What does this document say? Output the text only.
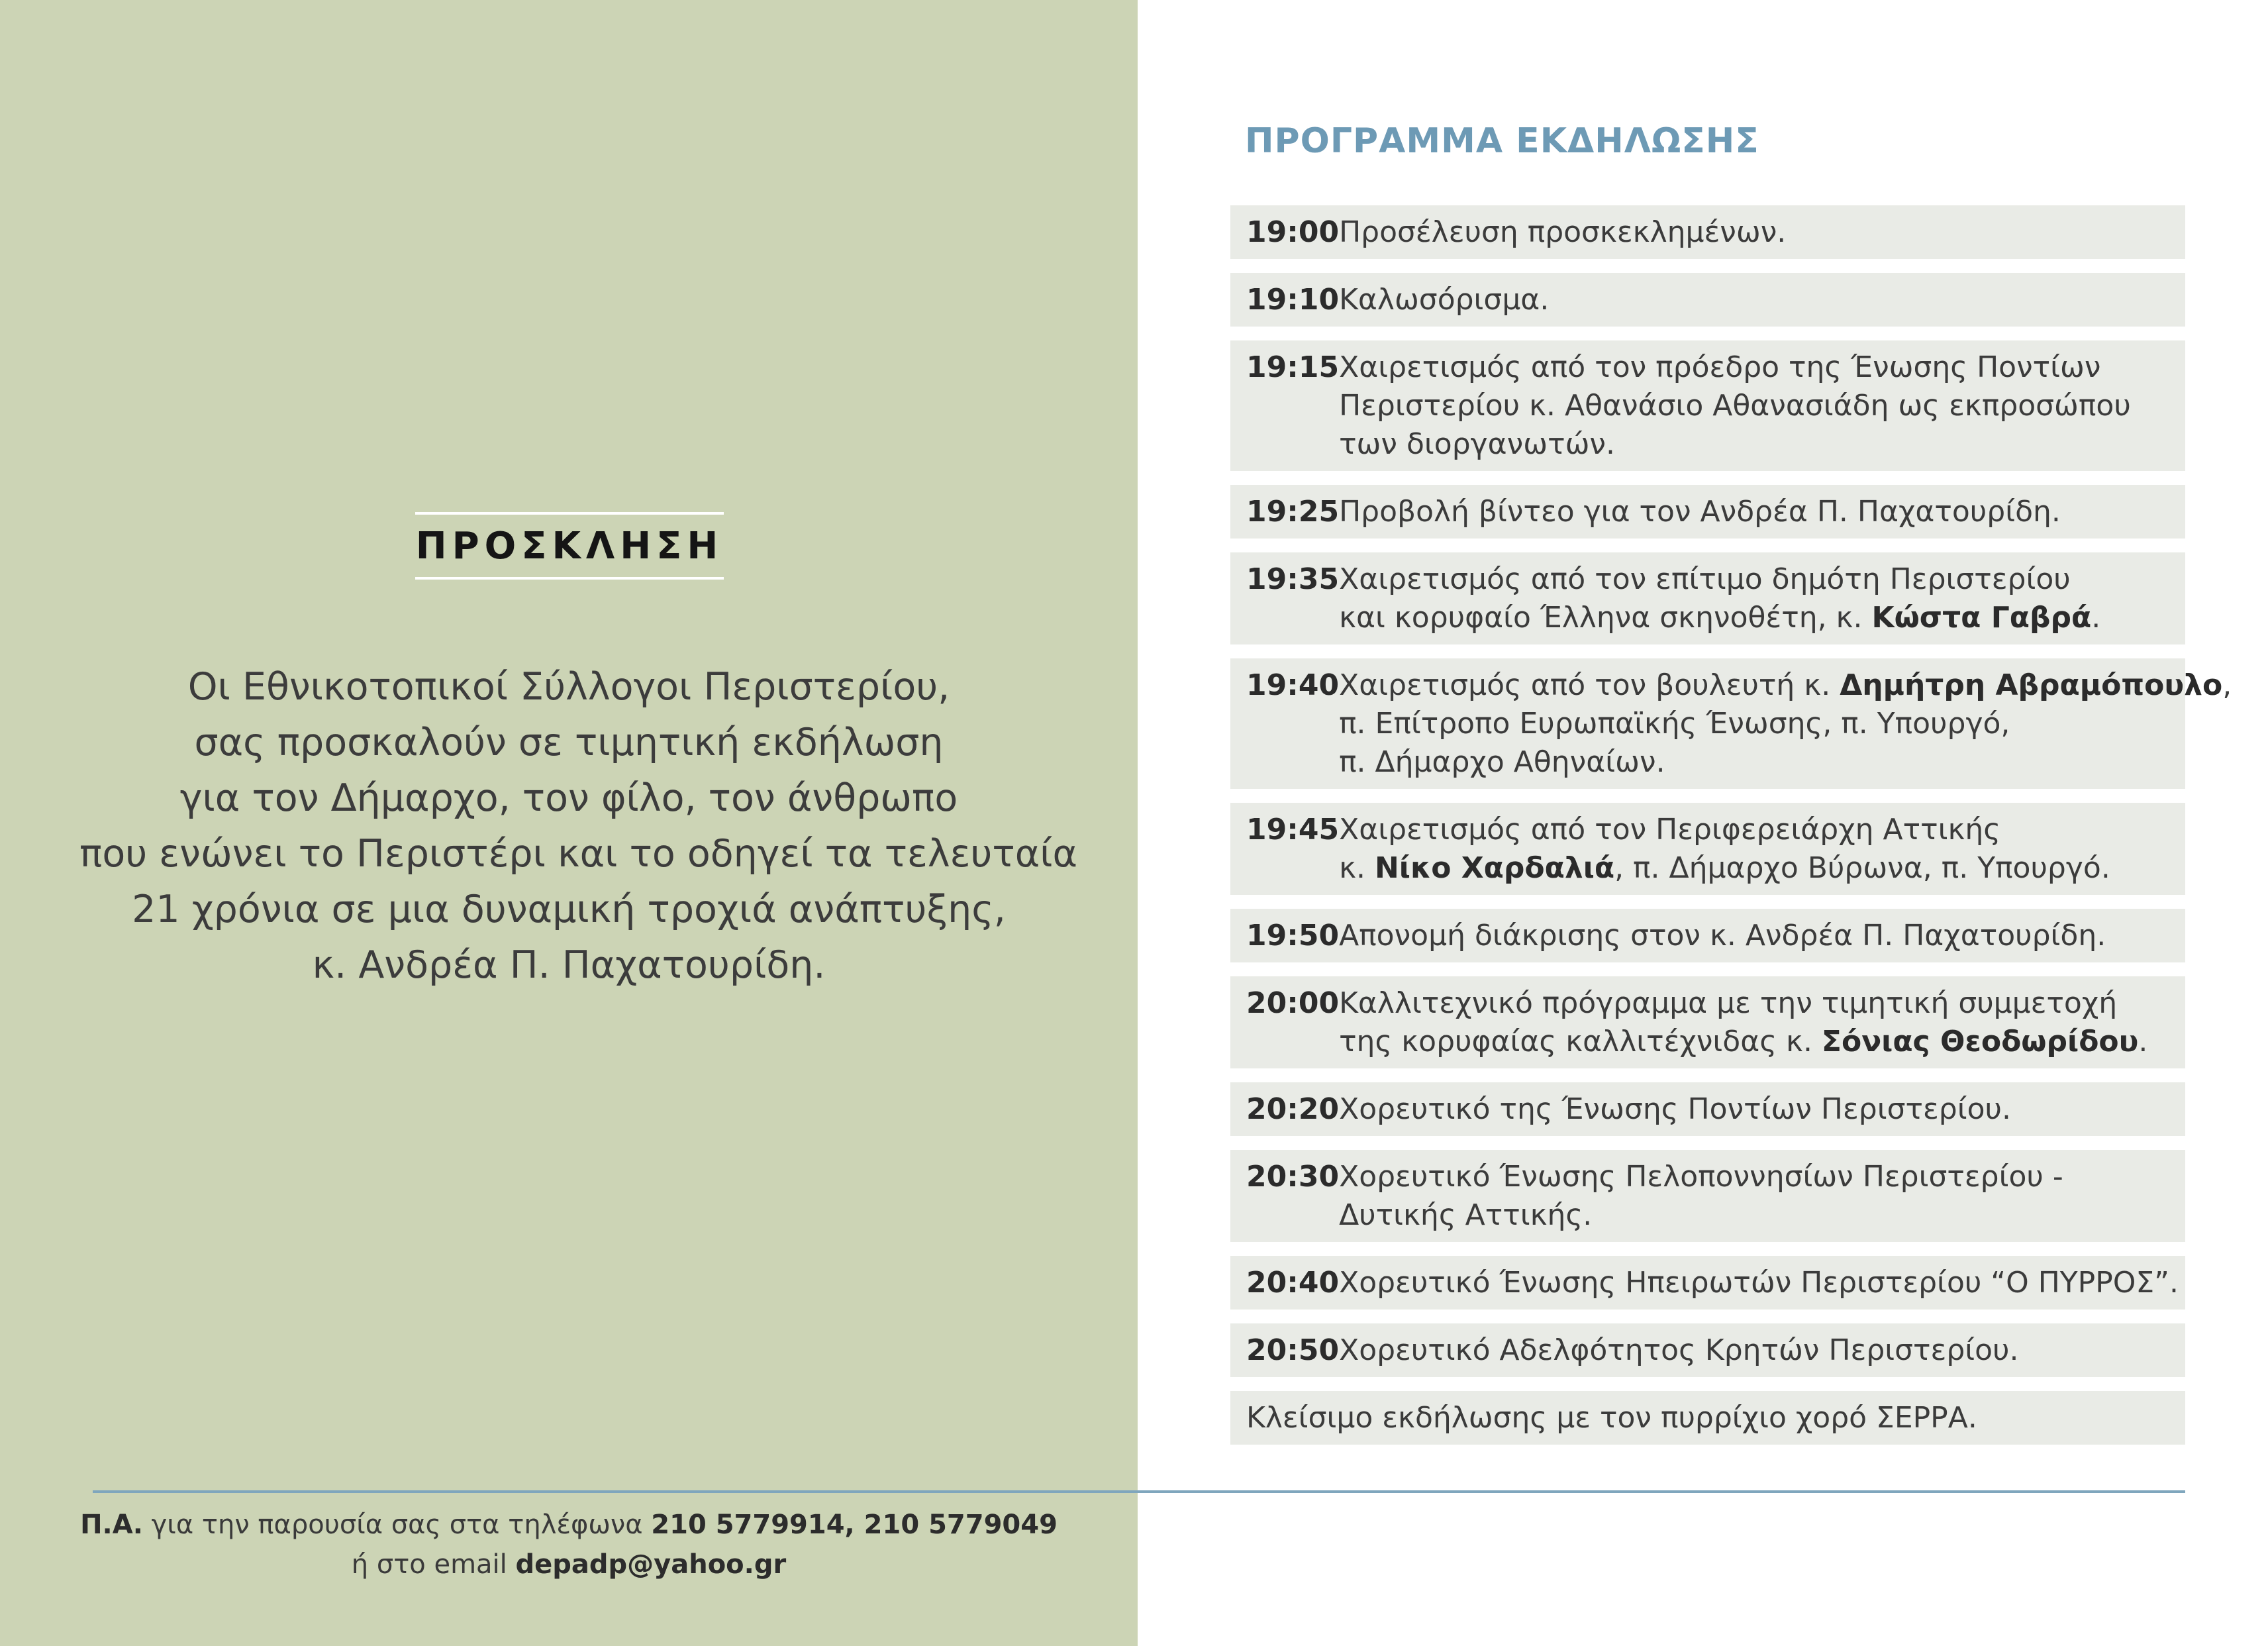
ΠΡΟΣΚΛΗΣΗ
Οι Εθνικοτοπικοί Σύλλογοι Περιστερίου,
σας προσκαλούν σε τιμητική εκδήλωση
για τον Δήμαρχο, τον φίλο, τον άνθρωπο
που ενώνει το Περιστέρι και το οδηγεί τα τελευταία
21 χρόνια σε μια δυναμική τροχιά ανάπτυξης,
κ. Ανδρέα Π. Παχατουρίδη.
Π.Α. για την παρουσία σας στα τηλέφωνα 210 5779914, 210 5779049
ή στο email depadp@yahoo.gr
ΠΡΟΓΡΑΜΜΑ ΕΚΔΗΛΩΣΗΣ
19:00 Προσέλευση προσκεκλημένων.
19:10 Καλωσόρισμα.
19:15 Χαιρετισμός από τον πρόεδρο της Ένωσης Ποντίων
Περιστερίου κ. Αθανάσιο Αθανασιάδη ως εκπροσώπου
των διοργανωτών.
19:25 Προβολή βίντεο για τον Ανδρέα Π. Παχατουρίδη.
19:35 Χαιρετισμός από τον επίτιμο δημότη Περιστερίου
και κορυφαίο Έλληνα σκηνοθέτη, κ. Κώστα Γαβρά.
19:40 Χαιρετισμός από τον βουλευτή κ. Δημήτρη Αβραμόπουλο,
π. Επίτροπο Ευρωπαϊκής Ένωσης, π. Υπουργό,
π. Δήμαρχο Αθηναίων.
19:45 Χαιρετισμός από τον Περιφερειάρχη Αττικής
κ. Νίκο Χαρδαλιά, π. Δήμαρχο Βύρωνα, π. Υπουργό.
19:50 Απονομή διάκρισης στον κ. Ανδρέα Π. Παχατουρίδη.
20:00 Καλλιτεχνικό πρόγραμμα με την τιμητική συμμετοχή
της κορυφαίας καλλιτέχνιδας κ. Σόνιας Θεοδωρίδου.
20:20 Χορευτικό της Ένωσης Ποντίων Περιστερίου.
20:30 Χορευτικό Ένωσης Πελοποννησίων Περιστερίου -
Δυτικής Αττικής.
20:40 Χορευτικό Ένωσης Ηπειρωτών Περιστερίου “Ο ΠΥΡΡΟΣ”.
20:50 Χορευτικό Αδελφότητος Κρητών Περιστερίου.
Κλείσιμο εκδήλωσης με τον πυρρίχιο χορό ΣΕΡΡΑ.
